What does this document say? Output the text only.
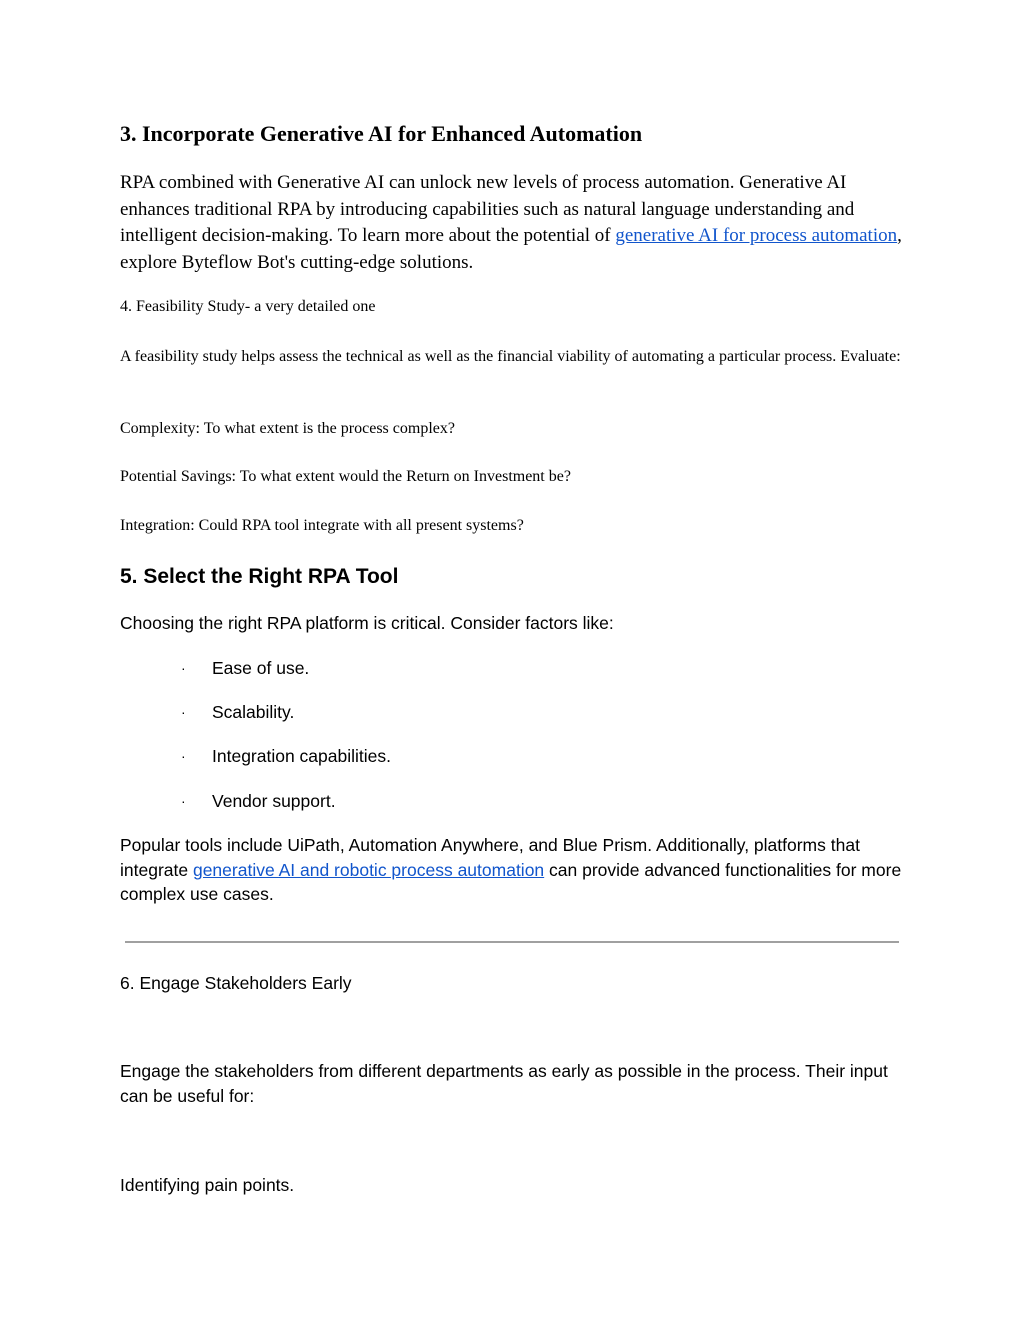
3. Incorporate Generative AI for Enhanced Automation

RPA combined with Generative AI can unlock new levels of process automation. Generative AI enhances traditional RPA by introducing capabilities such as natural language understanding and intelligent decision-making. To learn more about the potential of generative AI for process automation, explore Byteflow Bot's cutting-edge solutions.

4. Feasibility Study- a very detailed one

A feasibility study helps assess the technical as well as the financial viability of automating a particular process. Evaluate:

Complexity: To what extent is the process complex?

Potential Savings: To what extent would the Return on Investment be?

Integration: Could RPA tool integrate with all present systems?

5. Select the Right RPA Tool

Choosing the right RPA platform is critical. Consider factors like:

· Ease of use.
· Scalability.
· Integration capabilities.
· Vendor support.

Popular tools include UiPath, Automation Anywhere, and Blue Prism. Additionally, platforms that integrate generative AI and robotic process automation can provide advanced functionalities for more complex use cases.

6. Engage Stakeholders Early

Engage the stakeholders from different departments as early as possible in the process. Their input can be useful for:

Identifying pain points.
